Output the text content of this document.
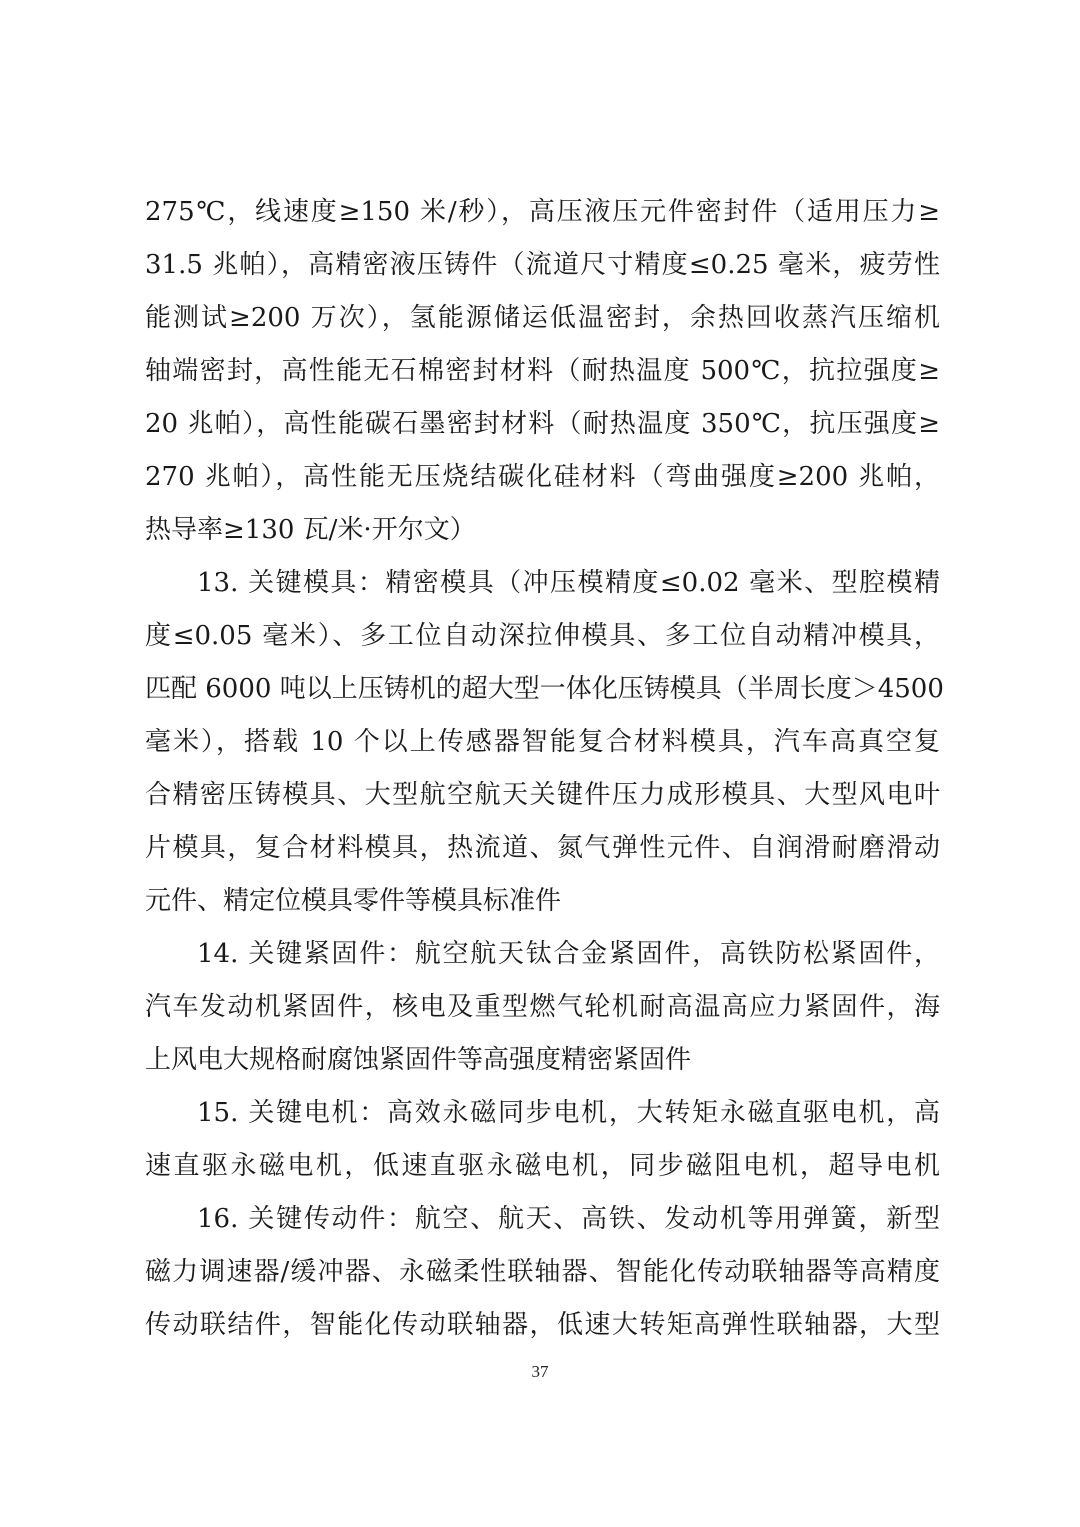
275℃，线速度≥150 米/秒），高压液压元件密封件（适用压力≥
31.5 兆帕），高精密液压铸件（流道尺寸精度≤0.25 毫米，疲劳性
能测试≥200 万次），氢能源储运低温密封，余热回收蒸汽压缩机
轴端密封，高性能无石棉密封材料（耐热温度 500℃，抗拉强度≥
20 兆帕），高性能碳石墨密封材料（耐热温度 350℃，抗压强度≥
270 兆帕），高性能无压烧结碳化硅材料（弯曲强度≥200 兆帕，
热导率≥130 瓦/米·开尔文）
13. 关键模具：精密模具（冲压模精度≤0.02 毫米、型腔模精
度≤0.05 毫米）、多工位自动深拉伸模具、多工位自动精冲模具，
匹配 6000 吨以上压铸机的超大型一体化压铸模具（半周长度＞4500
毫米），搭载 10 个以上传感器智能复合材料模具，汽车高真空复
合精密压铸模具、大型航空航天关键件压力成形模具、大型风电叶
片模具，复合材料模具，热流道、氮气弹性元件、自润滑耐磨滑动
元件、精定位模具零件等模具标准件
14. 关键紧固件：航空航天钛合金紧固件，高铁防松紧固件，
汽车发动机紧固件，核电及重型燃气轮机耐高温高应力紧固件，海
上风电大规格耐腐蚀紧固件等高强度精密紧固件
15. 关键电机：高效永磁同步电机，大转矩永磁直驱电机，高
速直驱永磁电机，低速直驱永磁电机，同步磁阻电机，超导电机
16. 关键传动件：航空、航天、高铁、发动机等用弹簧，新型
磁力调速器/缓冲器、永磁柔性联轴器、智能化传动联轴器等高精度
传动联结件，智能化传动联轴器，低速大转矩高弹性联轴器，大型
37
